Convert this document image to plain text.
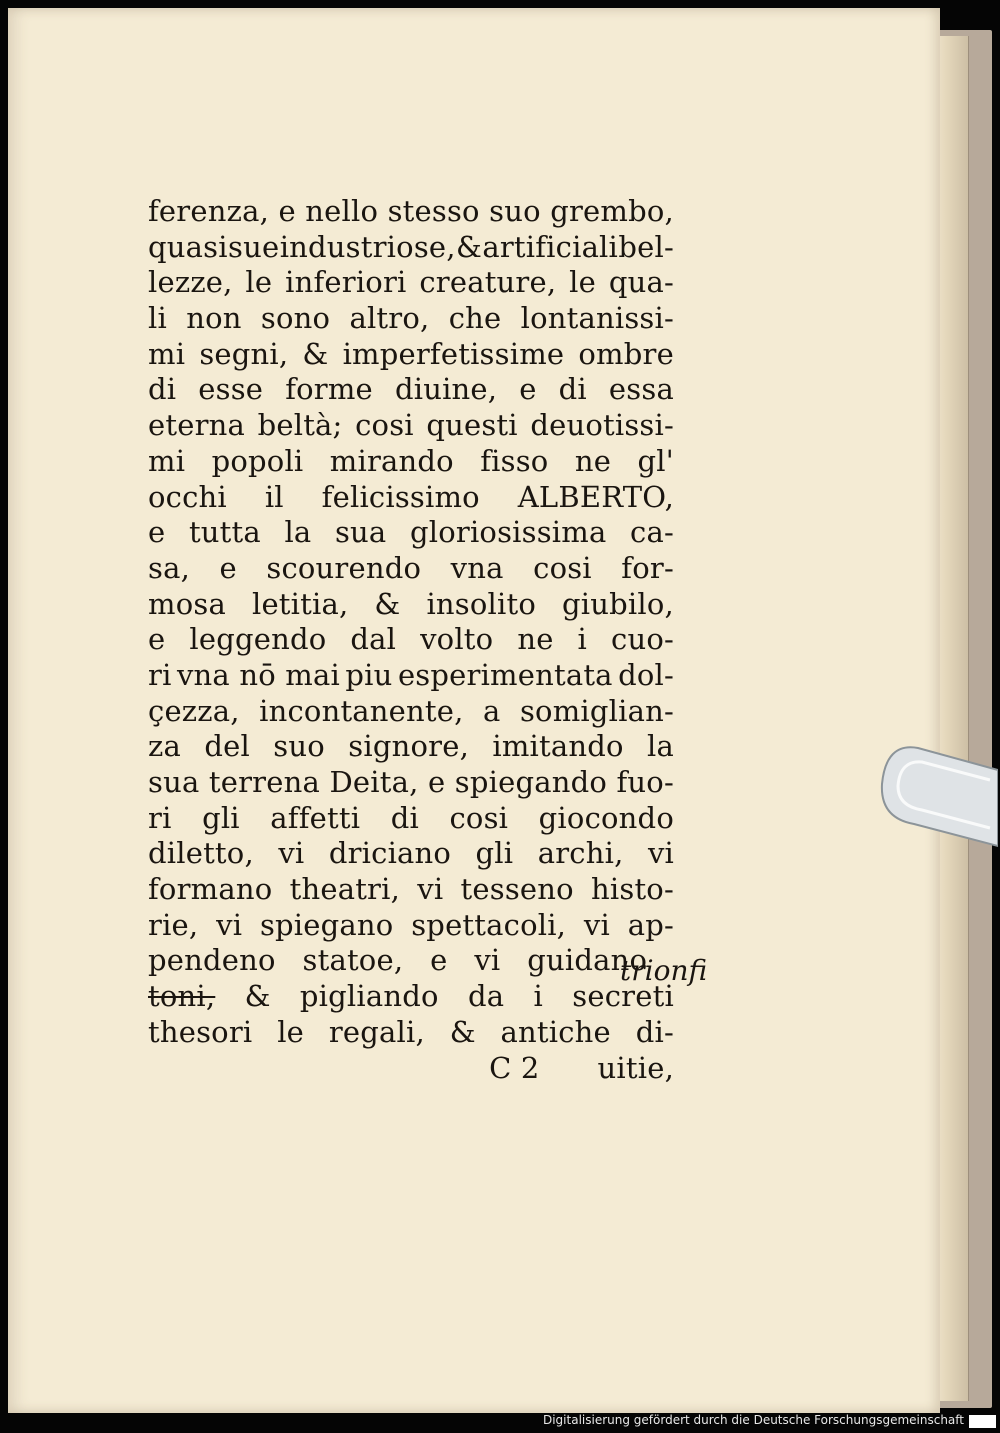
ferenza, e nello stesso suo grembo,
quasi sue industriose, & artificiali bel-
lezze, le inferiori creature, le qua-
li non sono altro, che lontanissi-
mi segni, & imperfetissime ombre
di esse forme diuine, e di essa
eterna beltà; cosi questi deuotissi-
mi popoli mirando fisso ne gl'
occhi il felicissimo ALBERTO,
e tutta la sua gloriosissima ca-
sa, e scourendo vna cosi for-
mosa letitia, & insolito giubilo,
e leggendo dal volto ne i cuo-
ri vna nō mai piu esperimentata dol-
çezza, incontanente, a somiglian-
za del suo signore, imitando la
sua terrena Deita, e spiegando fuo-
ri gli affetti di cosi giocondo
diletto, vi driciano gli archi, vi
formano theatri, vi tesseno histo-
rie, vi spiegano spettacoli, vi ap-
pendeno statoe, e vi guidano
toni, & pigliando da i secreti
thesori le regali, & antiche di-
C 2 uitie,
trionfi
Digitalisierung gefördert durch die Deutsche Forschungsgemeinschaft
